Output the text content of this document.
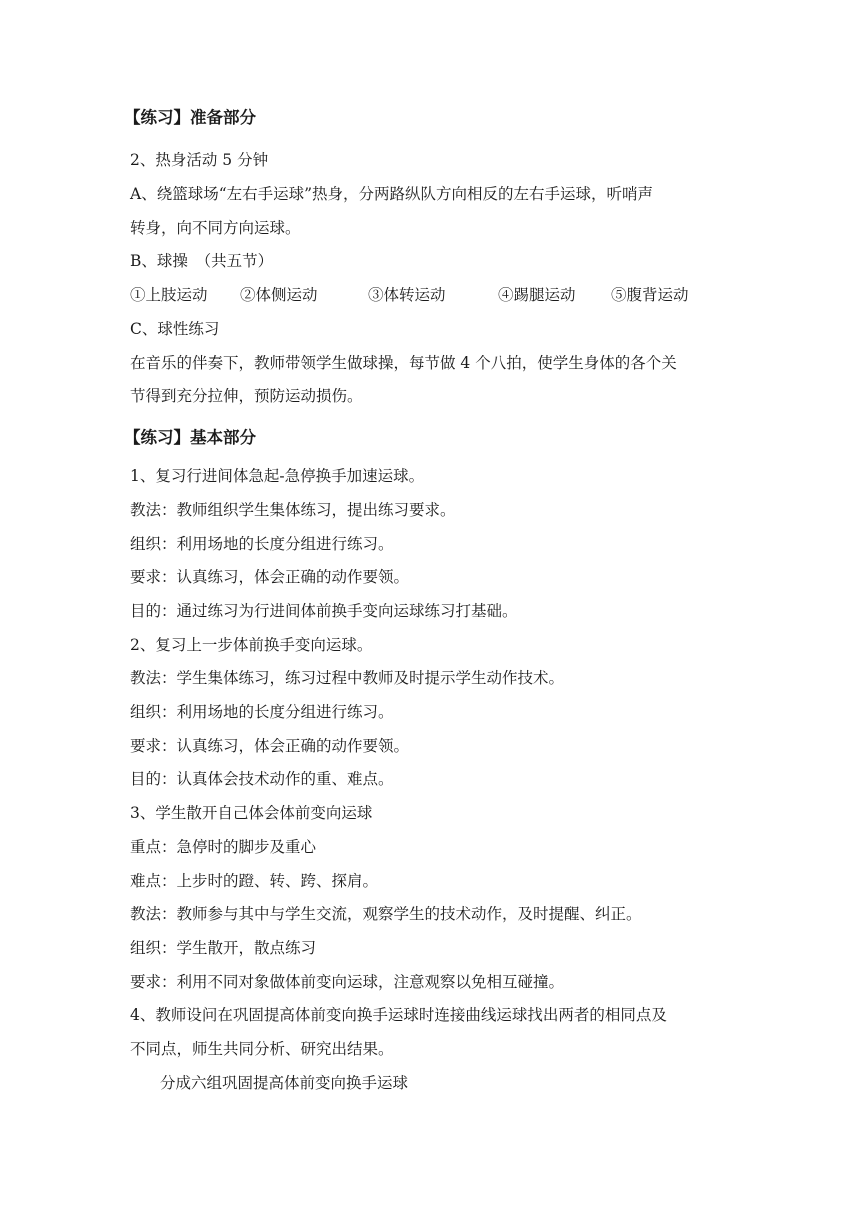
【练习】准备部分
2、热身活动 5 分钟
A、绕篮球场“左右手运球”热身，分两路纵队方向相反的左右手运球，听哨声
转身，向不同方向运球。
B、球操　（共五节）
①上肢运动 ②体侧运动	③体转运动	④踢腿运动 ⑤腹背运动
C、球性练习
在音乐的伴奏下，教师带领学生做球操，每节做 4 个八拍，使学生身体的各个关
节得到充分拉伸，预防运动损伤。
【练习】基本部分
1、复习行进间体急起-急停换手加速运球。
教法：教师组织学生集体练习，提出练习要求。
组织：利用场地的长度分组进行练习。
要求：认真练习，体会正确的动作要领。
目的：通过练习为行进间体前换手变向运球练习打基础。
2、复习上一步体前换手变向运球。
教法：学生集体练习，练习过程中教师及时提示学生动作技术。
组织：利用场地的长度分组进行练习。
要求：认真练习，体会正确的动作要领。
目的：认真体会技术动作的重、难点。
3、学生散开自己体会体前变向运球
重点：急停时的脚步及重心
难点：上步时的蹬、转、跨、探肩。
教法：教师参与其中与学生交流，观察学生的技术动作，及时提醒、纠正。
组织：学生散开，散点练习
要求：利用不同对象做体前变向运球，注意观察以免相互碰撞。
4、教师设问在巩固提高体前变向换手运球时连接曲线运球找出两者的相同点及
不同点，师生共同分析、研究出结果。
分成六组巩固提高体前变向换手运球
